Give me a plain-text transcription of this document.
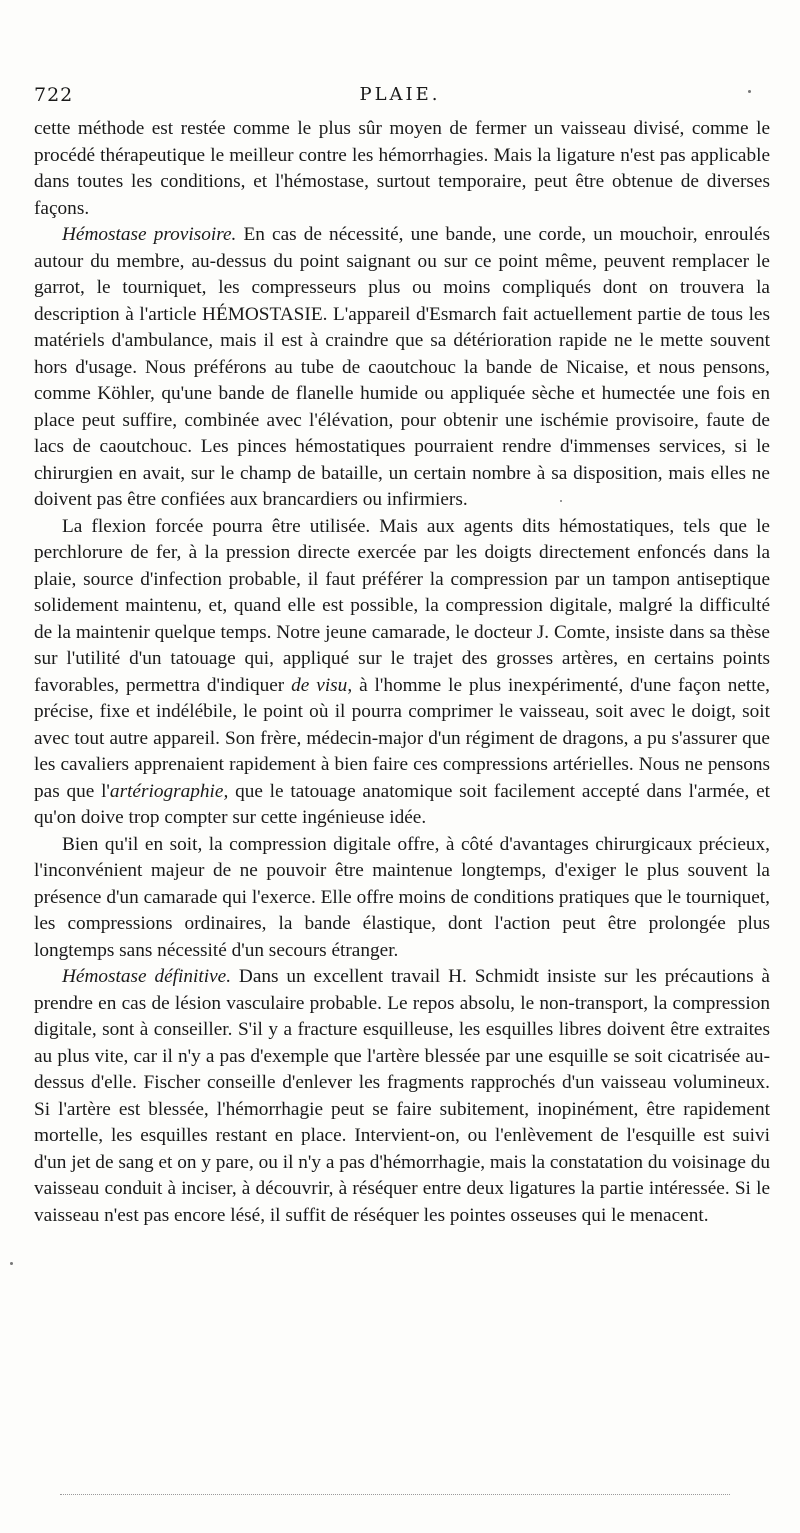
722	PLAIE.

cette méthode est restée comme le plus sûr moyen de fermer un vaisseau divisé, comme le procédé thérapeutique le meilleur contre les hémorrhagies. Mais la ligature n'est pas applicable dans toutes les conditions, et l'hémostase, surtout temporaire, peut être obtenue de diverses façons.

Hémostase provisoire. En cas de nécessité, une bande, une corde, un mouchoir, enroulés autour du membre, au-dessus du point saignant ou sur ce point même, peuvent remplacer le garrot, le tourniquet, les compresseurs plus ou moins compliqués dont on trouvera la description à l'article HÉMOSTASIE. L'appareil d'Esmarch fait actuellement partie de tous les matériels d'ambulance, mais il est à craindre que sa détérioration rapide ne le mette souvent hors d'usage. Nous préférons au tube de caoutchouc la bande de Nicaise, et nous pensons, comme Köhler, qu'une bande de flanelle humide ou appliquée sèche et humectée une fois en place peut suffire, combinée avec l'élévation, pour obtenir une ischémie provisoire, faute de lacs de caoutchouc. Les pinces hémostatiques pourraient rendre d'immenses services, si le chirurgien en avait, sur le champ de bataille, un certain nombre à sa disposition, mais elles ne doivent pas être confiées aux brancardiers ou infirmiers.

La flexion forcée pourra être utilisée. Mais aux agents dits hémostatiques, tels que le perchlorure de fer, à la pression directe exercée par les doigts directement enfoncés dans la plaie, source d'infection probable, il faut préférer la compression par un tampon antiseptique solidement maintenu, et, quand elle est possible, la compression digitale, malgré la difficulté de la maintenir quelque temps. Notre jeune camarade, le docteur J. Comte, insiste dans sa thèse sur l'utilité d'un tatouage qui, appliqué sur le trajet des grosses artères, en certains points favorables, permettra d'indiquer de visu, à l'homme le plus inexpérimenté, d'une façon nette, précise, fixe et indélébile, le point où il pourra comprimer le vaisseau, soit avec le doigt, soit avec tout autre appareil. Son frère, médecin-major d'un régiment de dragons, a pu s'assurer que les cavaliers apprenaient rapidement à bien faire ces compressions artérielles. Nous ne pensons pas que l'artériographie, que le tatouage anatomique soit facilement accepté dans l'armée, et qu'on doive trop compter sur cette ingénieuse idée.

Bien qu'il en soit, la compression digitale offre, à côté d'avantages chirurgicaux précieux, l'inconvénient majeur de ne pouvoir être maintenue longtemps, d'exiger le plus souvent la présence d'un camarade qui l'exerce. Elle offre moins de conditions pratiques que le tourniquet, les compressions ordinaires, la bande élastique, dont l'action peut être prolongée plus longtemps sans nécessité d'un secours étranger.

Hémostase définitive. Dans un excellent travail H. Schmidt insiste sur les précautions à prendre en cas de lésion vasculaire probable. Le repos absolu, le non-transport, la compression digitale, sont à conseiller. S'il y a fracture esquilleuse, les esquilles libres doivent être extraites au plus vite, car il n'y a pas d'exemple que l'artère blessée par une esquille se soit cicatrisée au-dessus d'elle. Fischer conseille d'enlever les fragments rapprochés d'un vaisseau volumineux. Si l'artère est blessée, l'hémorrhagie peut se faire subitement, inopinément, être rapidement mortelle, les esquilles restant en place. Intervient-on, ou l'enlèvement de l'esquille est suivi d'un jet de sang et on y pare, ou il n'y a pas d'hémorrhagie, mais la constatation du voisinage du vaisseau conduit à inciser, à découvrir, à réséquer entre deux ligatures la partie intéressée. Si le vaisseau n'est pas encore lésé, il suffit de réséquer les pointes osseuses qui le menacent.
